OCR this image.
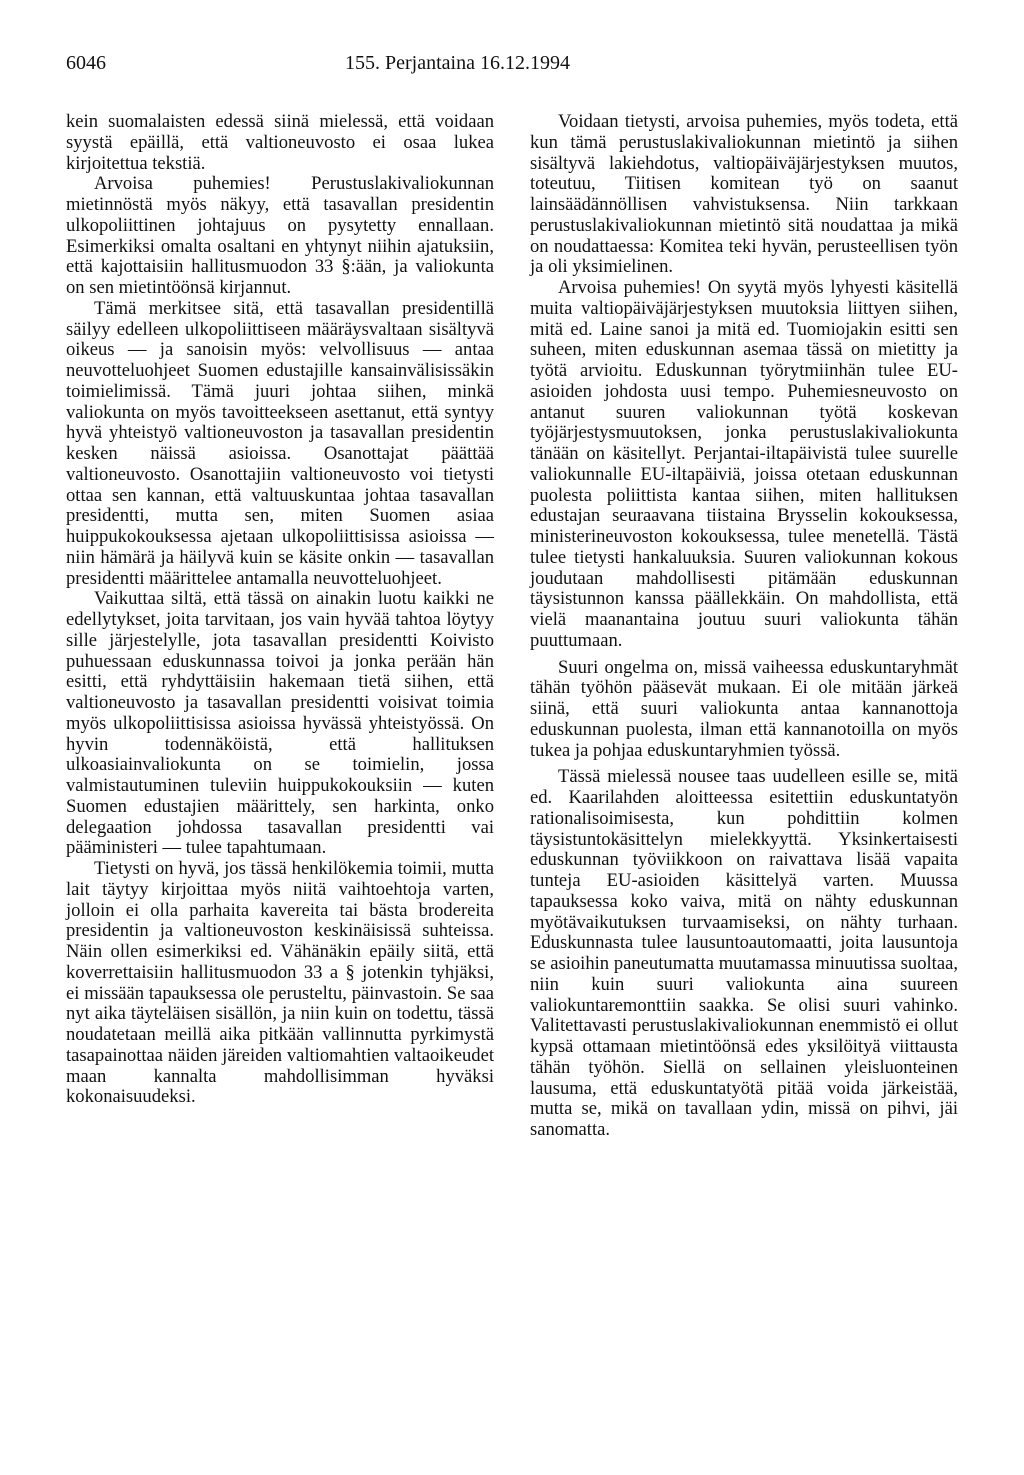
6046	155. Perjantaina 16.12.1994

kein suomalaisten edessä siinä mielessä, että voidaan syystä epäillä, että valtioneuvosto ei osaa lukea kirjoitettua tekstiä.

Arvoisa puhemies! Perustuslakivaliokunnan mietinnöstä myös näkyy, että tasavallan presidentin ulkopoliittinen johtajuus on pysytetty ennallaan. Esimerkiksi omalta osaltani en yhtynyt niihin ajatuksiin, että kajottaisiin hallitusmuodon 33 §:ään, ja valiokunta on sen mietintöönsä kirjannut.

Tämä merkitsee sitä, että tasavallan presidentillä säilyy edelleen ulkopoliittiseen määräysvaltaan sisältyvä oikeus — ja sanoisin myös: velvollisuus — antaa neuvotteluohjeet Suomen edustajille kansainvälisissäkin toimielimissä. Tämä juuri johtaa siihen, minkä valiokunta on myös tavoitteekseen asettanut, että syntyy hyvä yhteistyö valtioneuvoston ja tasavallan presidentin kesken näissä asioissa. Osanottajat päättää valtioneuvosto. Osanottajiin valtioneuvosto voi tietysti ottaa sen kannan, että valtuuskuntaa johtaa tasavallan presidentti, mutta sen, miten Suomen asiaa huippukokouksessa ajetaan ulkopoliittisissa asioissa — niin hämärä ja häilyvä kuin se käsite onkin — tasavallan presidentti määrittelee antamalla neuvotteluohjeet.

Vaikuttaa siltä, että tässä on ainakin luotu kaikki ne edellytykset, joita tarvitaan, jos vain hyvää tahtoa löytyy sille järjestelylle, jota tasavallan presidentti Koivisto puhuessaan eduskunnassa toivoi ja jonka perään hän esitti, että ryhdyttäisiin hakemaan tietä siihen, että valtioneuvosto ja tasavallan presidentti voisivat toimia myös ulkopoliittisissa asioissa hyvässä yhteistyössä. On hyvin todennäköistä, että hallituksen ulkoasiainvaliokunta on se toimielin, jossa valmistautuminen tuleviin huippukokouksiin — kuten Suomen edustajien määrittely, sen harkinta, onko delegaation johdossa tasavallan presidentti vai pääministeri — tulee tapahtumaan.

Tietysti on hyvä, jos tässä henkilökemia toimii, mutta lait täytyy kirjoittaa myös niitä vaihtoehtoja varten, jolloin ei olla parhaita kavereita tai bästa brodereita presidentin ja valtioneuvoston keskinäisissä suhteissa. Näin ollen esimerkiksi ed. Vähänäkin epäily siitä, että koverrettaisiin hallitusmuodon 33 a § jotenkin tyhjäksi, ei missään tapauksessa ole perusteltu, päinvastoin. Se saa nyt aika täyteläisen sisällön, ja niin kuin on todettu, tässä noudatetaan meillä aika pitkään vallinnutta pyrkimystä tasapainottaa näiden järeiden valtiomahtien valtaoikeudet maan kannalta mahdollisimman hyväksi kokonaisuudeksi.

Voidaan tietysti, arvoisa puhemies, myös todeta, että kun tämä perustuslakivaliokunnan mietintö ja siihen sisältyvä lakiehdotus, valtiopäiväjärjestyksen muutos, toteutuu, Tiitisen komitean työ on saanut lainsäädännöllisen vahvistuksensa. Niin tarkkaan perustuslakivaliokunnan mietintö sitä noudattaa ja mikä on noudattaessa: Komitea teki hyvän, perusteellisen työn ja oli yksimielinen.

Arvoisa puhemies! On syytä myös lyhyesti käsitellä muita valtiopäiväjärjestyksen muutoksia liittyen siihen, mitä ed. Laine sanoi ja mitä ed. Tuomiojakin esitti sen suheen, miten eduskunnan asemaa tässä on mietitty ja työtä arvioitu. Eduskunnan työrytmiinhän tulee EU-asioiden johdosta uusi tempo. Puhemiesneuvosto on antanut suuren valiokunnan työtä koskevan työjärjestysmuutoksen, jonka perustuslakivaliokunta tänään on käsitellyt. Perjantai-iltapäivistä tulee suurelle valiokunnalle EU-iltapäiviä, joissa otetaan eduskunnan puolesta poliittista kantaa siihen, miten hallituksen edustajan seuraavana tiistaina Brysselin kokouksessa, ministerineuvoston kokouksessa, tulee menetellä. Tästä tulee tietysti hankaluuksia. Suuren valiokunnan kokous joudutaan mahdollisesti pitämään eduskunnan täysistunnon kanssa päällekkäin. On mahdollista, että vielä maanantaina joutuu suuri valiokunta tähän puuttumaan.

Suuri ongelma on, missä vaiheessa eduskuntaryhmät tähän työhön pääsevät mukaan. Ei ole mitään järkeä siinä, että suuri valiokunta antaa kannanottoja eduskunnan puolesta, ilman että kannanotoilla on myös tukea ja pohjaa eduskuntaryhmien työssä.

Tässä mielessä nousee taas uudelleen esille se, mitä ed. Kaarilahden aloitteessa esitettiin eduskuntatyön rationalisoimisesta, kun pohdittiin kolmen täysistuntokäsittelyn mielekkyyttä. Yksinkertaisesti eduskunnan työviikkoon on raivattava lisää vapaita tunteja EU-asioiden käsittelyä varten. Muussa tapauksessa koko vaiva, mitä on nähty eduskunnan myötävaikutuksen turvaamiseksi, on nähty turhaan. Eduskunnasta tulee lausuntoautomaatti, joita lausuntoja se asioihin paneutumatta muutamassa minuutissa suoltaa, niin kuin suuri valiokunta aina suureen valiokuntaremonttiin saakka. Se olisi suuri vahinko. Valitettavasti perustuslakivaliokunnan enemmistö ei ollut kypsä ottamaan mietintöönsä edes yksilöityä viittausta tähän työhön. Siellä on sellainen yleisluonteinen lausuma, että eduskuntatyötä pitää voida järkeistää, mutta se, mikä on tavallaan ydin, missä on pihvi, jäi sanomatta.
